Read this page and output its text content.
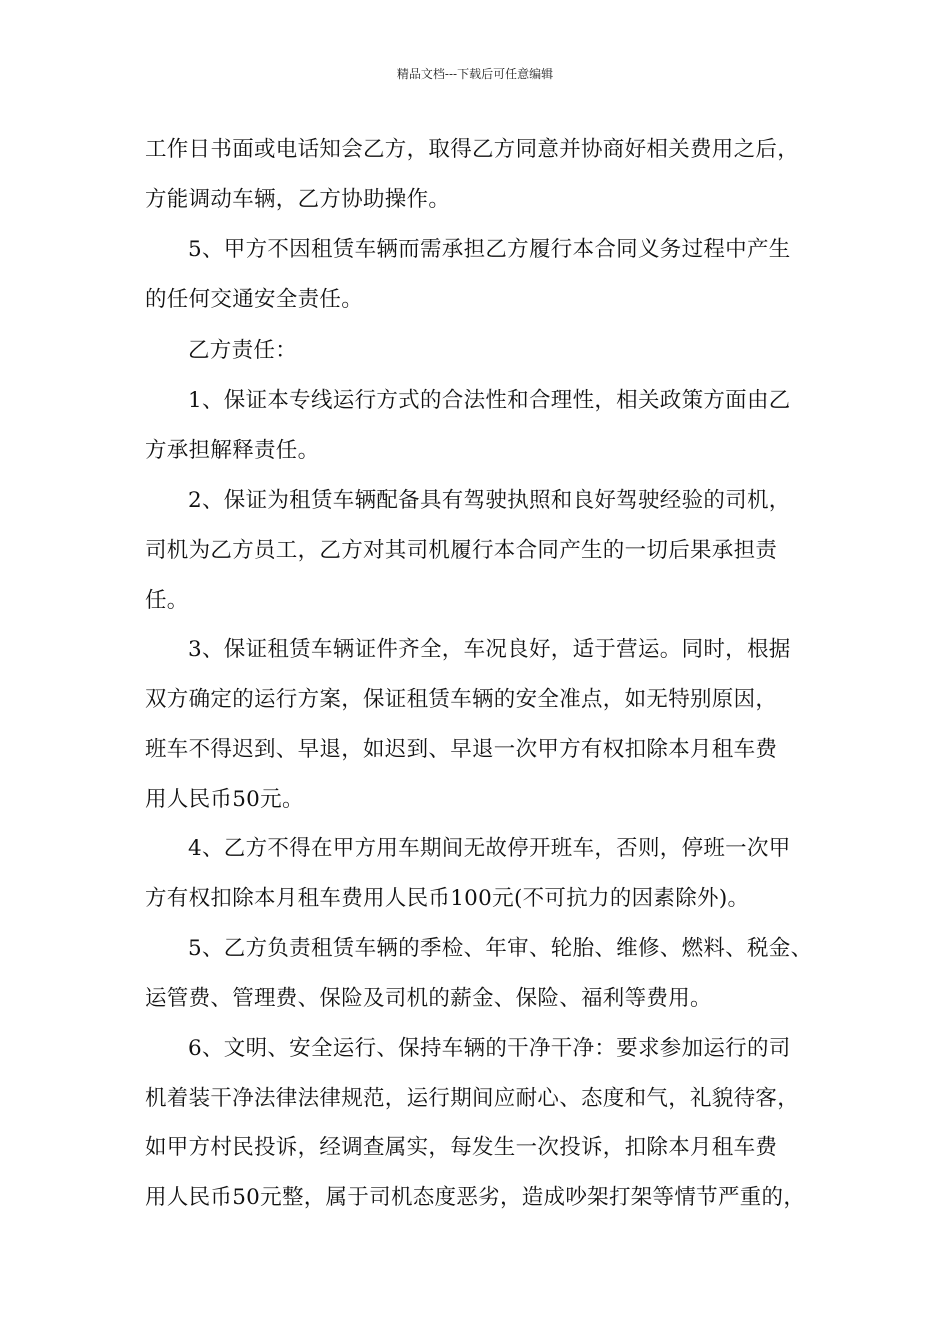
精品文档---下载后可任意编辑
工作日书面或电话知会乙方，取得乙方同意并协商好相关费用之后，
方能调动车辆，乙方协助操作。
5、甲方不因租赁车辆而需承担乙方履行本合同义务过程中产生
的任何交通安全责任。
乙方责任：
1、保证本专线运行方式的合法性和合理性，相关政策方面由乙
方承担解释责任。
2、保证为租赁车辆配备具有驾驶执照和良好驾驶经验的司机，
司机为乙方员工，乙方对其司机履行本合同产生的一切后果承担责
任。
3、保证租赁车辆证件齐全，车况良好，适于营运。同时，根据
双方确定的运行方案，保证租赁车辆的安全准点，如无特别原因，
班车不得迟到、早退，如迟到、早退一次甲方有权扣除本月租车费
用人民币50元。
4、乙方不得在甲方用车期间无故停开班车，否则，停班一次甲
方有权扣除本月租车费用人民币100元(不可抗力的因素除外)。
5、乙方负责租赁车辆的季检、年审、轮胎、维修、燃料、税金、
运管费、管理费、保险及司机的薪金、保险、福利等费用。
6、文明、安全运行、保持车辆的干净干净：要求参加运行的司
机着装干净法律法律规范，运行期间应耐心、态度和气，礼貌待客，
如甲方村民投诉，经调查属实，每发生一次投诉，扣除本月租车费
用人民币50元整，属于司机态度恶劣，造成吵架打架等情节严重的，
